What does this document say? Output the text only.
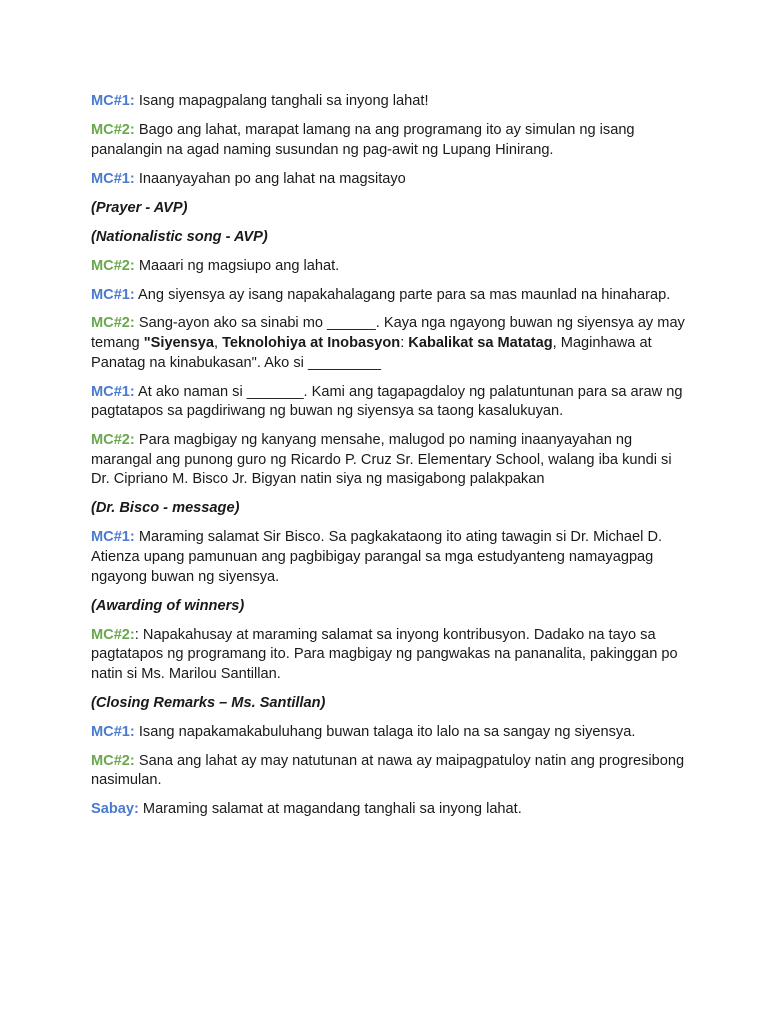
MC#1: Isang mapagpalang tanghali sa inyong lahat!

MC#2: Bago ang lahat, marapat lamang na ang programang ito ay simulan ng isang panalangin na agad naming susundan ng pag-awit ng Lupang Hinirang.

MC#1: Inaanyayahan po ang lahat na magsitayo

(Prayer - AVP)

(Nationalistic song - AVP)

MC#2: Maaari ng magsiupo ang lahat.

MC#1: Ang siyensya ay isang napakahalagang parte para sa mas maunlad na hinaharap.

MC#2: Sang-ayon ako sa sinabi mo ______. Kaya nga ngayong buwan ng siyensya ay may temang "Siyensya, Teknolohiya at Inobasyon: Kabalikat sa Matatag, Maginhawa at Panatag na kinabukasan". Ako si _________

MC#1: At ako naman si _______. Kami ang tagapagdaloy ng palatuntunan para sa araw ng pagtatapos sa pagdiriwang ng buwan ng siyensya sa taong kasalukuyan.

MC#2: Para magbigay ng kanyang mensahe, malugod po naming inaanyayahan ng marangal ang punong guro ng Ricardo P. Cruz Sr. Elementary School, walang iba kundi si Dr. Cipriano M. Bisco Jr. Bigyan natin siya ng masigabong palakpakan

(Dr. Bisco - message)

MC#1: Maraming salamat Sir Bisco. Sa pagkakataong ito ating tawagin si Dr. Michael D. Atienza upang pamunuan ang pagbibigay parangal sa mga estudyanteng namayagpag ngayong buwan ng siyensya.

(Awarding of winners)

MC#2:: Napakahusay at maraming salamat sa inyong kontribusyon. Dadako na tayo sa pagtatapos ng programang ito. Para magbigay ng pangwakas na pananalita, pakinggan po natin si Ms. Marilou Santillan.

(Closing Remarks – Ms. Santillan)

MC#1: Isang napakamakabuluhang buwan talaga ito lalo na sa sangay ng siyensya.

MC#2: Sana ang lahat ay may natutunan at nawa ay maipagpatuloy natin ang progresibong nasimulan.

Sabay: Maraming salamat at magandang tanghali sa inyong lahat.
